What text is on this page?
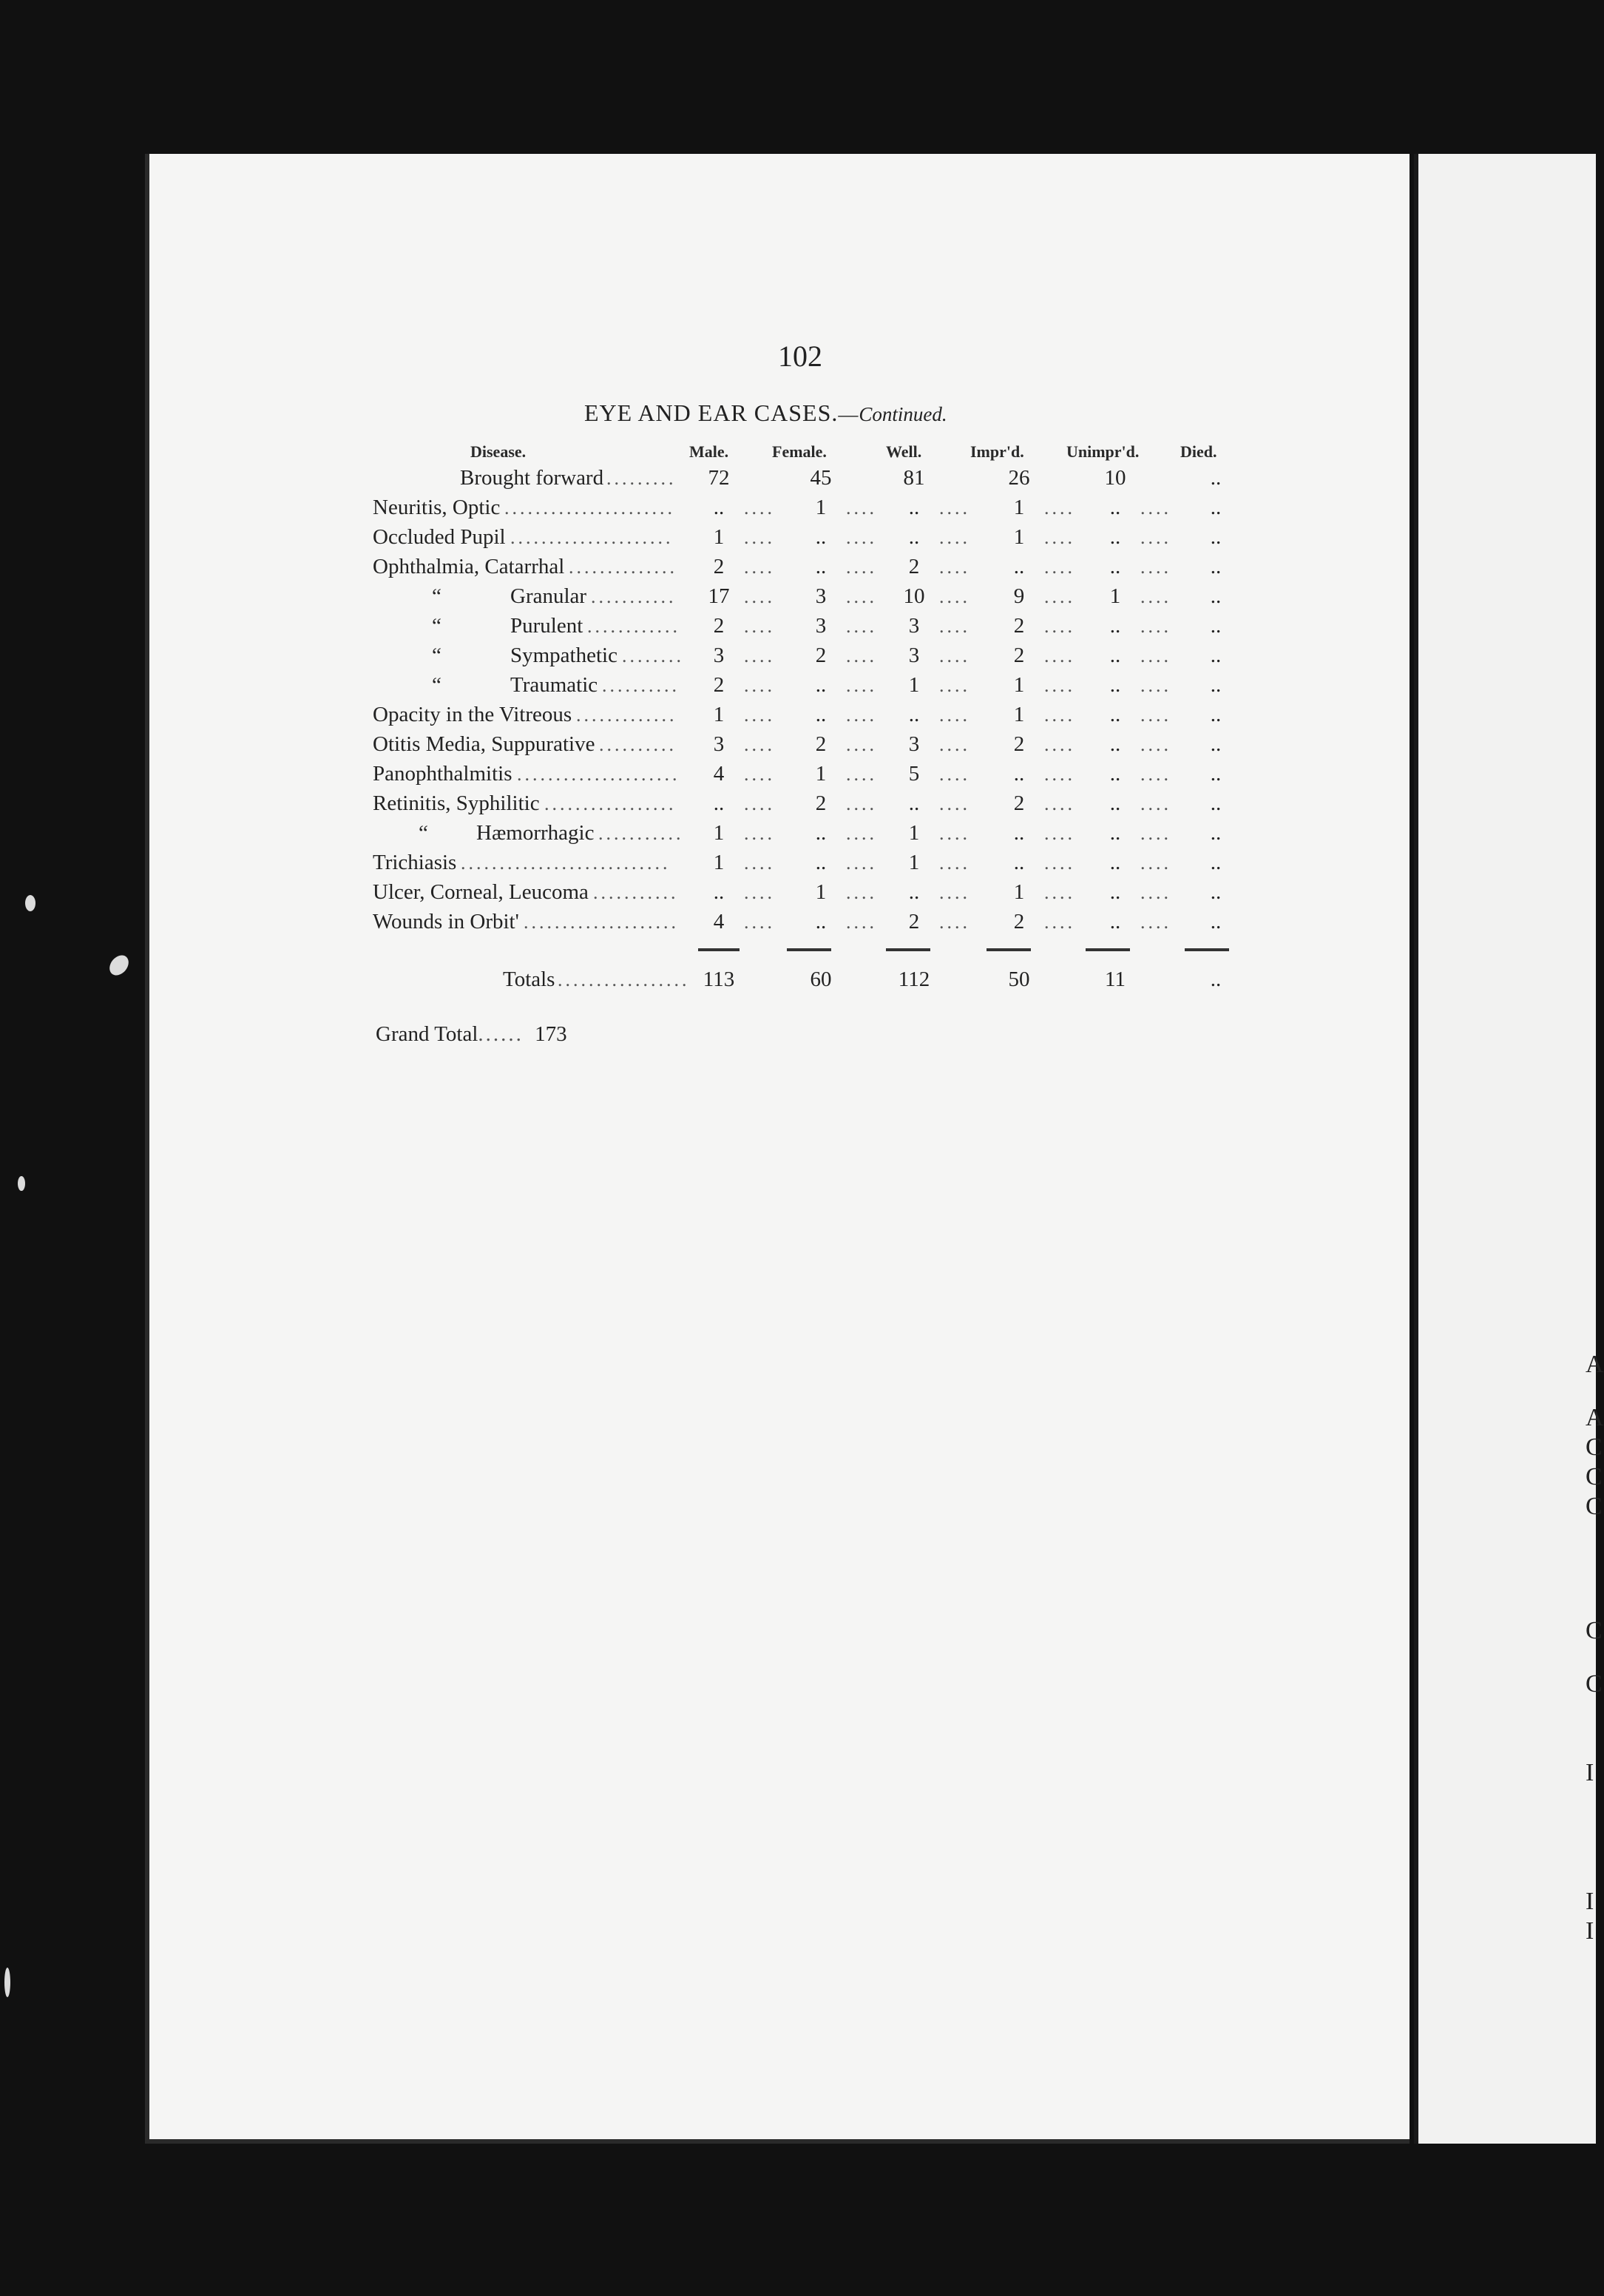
A
A
C
C
C
C
C
I
I
I
102
EYE AND EAR CASES.—Continued.
Disease.	Male.	Female.	Well.	Impr'd.	Unimpr'd.	Died.
Brought forward	72	45	81	26	10	..
Neuritis, Optic	..	....	1	....	..	....	1	....	..	....	..
Occluded Pupil	1	....	..	....	..	....	1	....	..	....	..
Ophthalmia, Catarrhal	2	....	..	....	2	....	..	....	..	....	..
“	Granular	17 ....	3	....	10 ....	9	....	1	....	..
“	Purulent	2	....	3	....	3	....	2	....	..	....	..
“	Sympathetic	3	....	2	....	3	....	2	....	..	....	..
“	Traumatic	2	....	..	....	1	....	1	....	..	....	..
Opacity in the Vitreous	1	....	..	....	..	....	1	....	..	....	..
Otitis Media, Suppurative	3	....	2	....	3	....	2	....	..	....	..
Panophthalmitis	4	....	1	....	5	....	..	....	..	....	..
Retinitis, Syphilitic	..	....	2	....	..	....	2	....	..	....	..
“ Hæmorrhagic	1	....	..	....	1	....	..	....	..	....	..
Trichiasis	1	....	..	....	1	....	..	....	..	....	..
Ulcer, Corneal, Leucoma	..	....	1	....	..	....	1	....	..	....	..
Wounds in Orbit'	4	....	..	....	2	....	2	....	..	....	..
Totals	113	60	112	50	11	..
......................
.....................
..............
...........
............
........
..........
.............
..........
.....................
.................
...........
...........................
...........
....................
.........
.................
Grand Total...... 173
